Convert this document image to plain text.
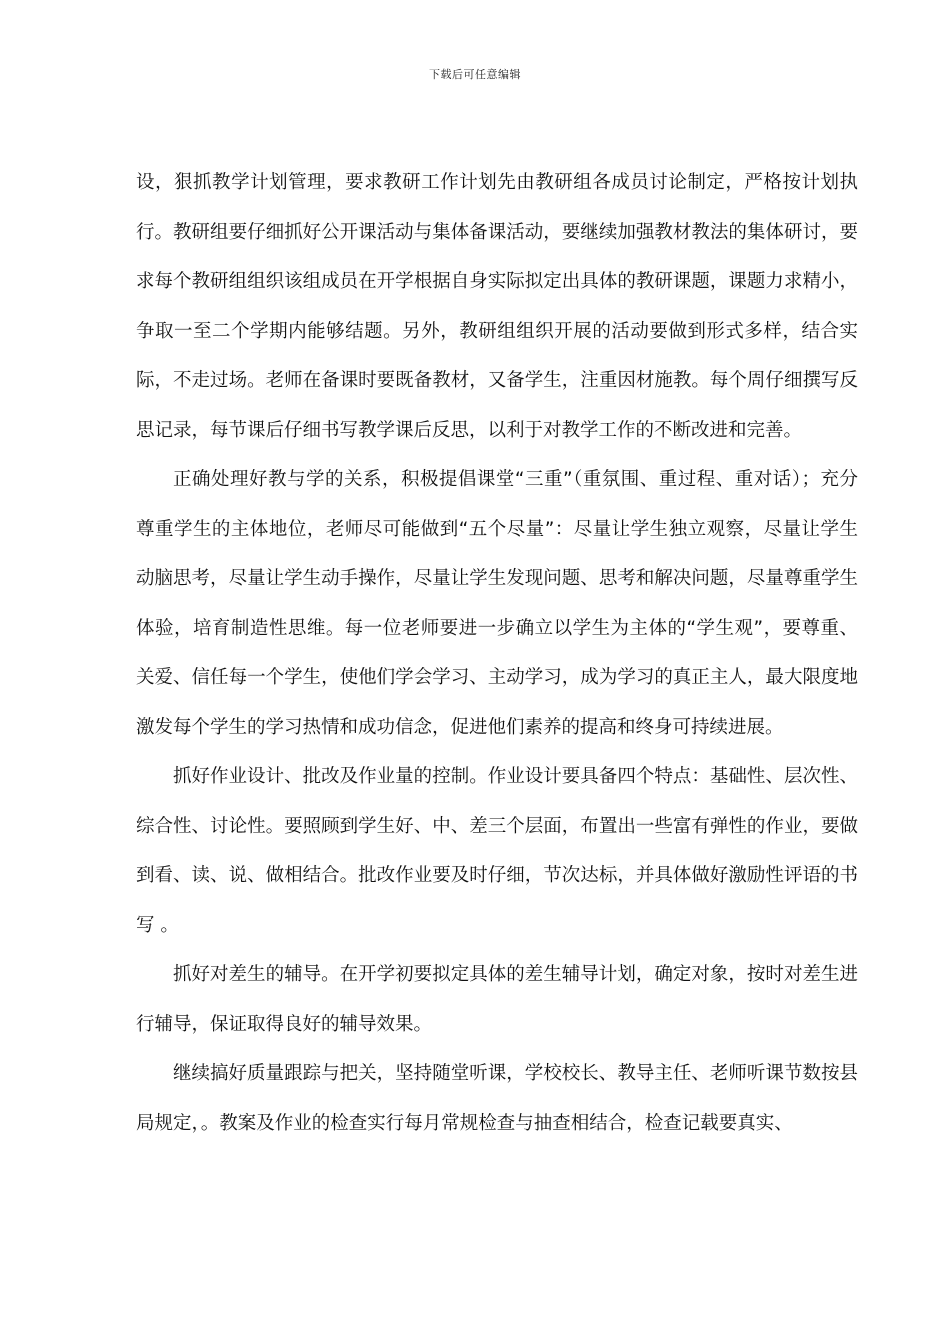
下载后可任意编辑

设，狠抓教学计划管理，要求教研工作计划先由教研组各成员讨论制定，严格按计划执行。教研组要仔细抓好公开课活动与集体备课活动，要继续加强教材教法的集体研讨，要求每个教研组组织该组成员在开学根据自身实际拟定出具体的教研课题，课题力求精小，争取一至二个学期内能够结题。另外，教研组组织开展的活动要做到形式多样，结合实际，不走过场。老师在备课时要既备教材，又备学生，注重因材施教。每个周仔细撰写反思记录，每节课后仔细书写教学课后反思，以利于对教学工作的不断改进和完善。

正确处理好教与学的关系，积极提倡课堂“三重”（重氛围、重过程、重对话）；充分尊重学生的主体地位，老师尽可能做到“五个尽量”：尽量让学生独立观察，尽量让学生动脑思考，尽量让学生动手操作，尽量让学生发现问题、思考和解决问题，尽量尊重学生体验，培育制造性思维。每一位老师要进一步确立以学生为主体的“学生观”，要尊重、关爱、信任每一个学生，使他们学会学习、主动学习，成为学习的真正主人，最大限度地激发每个学生的学习热情和成功信念，促进他们素养的提高和终身可持续进展。

抓好作业设计、批改及作业量的控制。作业设计要具备四个特点：基础性、层次性、综合性、讨论性。要照顾到学生好、中、差三个层面，布置出一些富有弹性的作业，要做到看、读、说、做相结合。批改作业要及时仔细，节次达标，并具体做好激励性评语的书写 。

抓好对差生的辅导。在开学初要拟定具体的差生辅导计划，确定对象，按时对差生进行辅导，保证取得良好的辅导效果。

继续搞好质量跟踪与把关，坚持随堂听课，学校校长、教导主任、老师听课节数按县局规定，。教案及作业的检查实行每月常规检查与抽查相结合，检查记载要真实、
